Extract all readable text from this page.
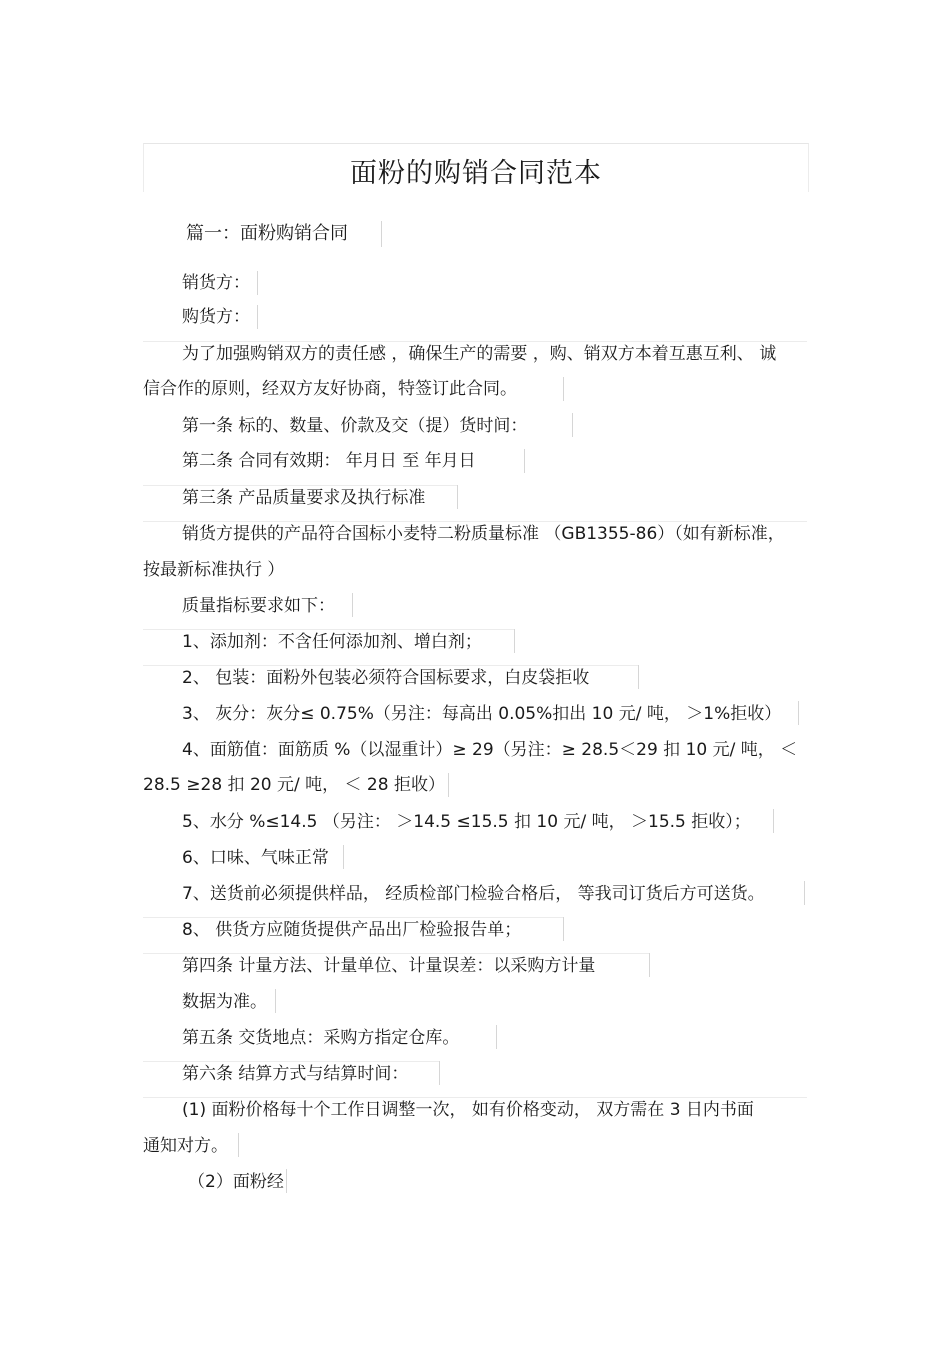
面粉的购销合同范本
篇一：面粉购销合同
销货方：
购货方：
为了加强购销双方的责任感 ，确保生产的需要 ，购、销双方本着互惠互利、 诚
信合作的原则，经双方友好协商，特签订此合同。
第一条 标的、数量、价款及交（提）货时间：
第二条 合同有效期： 年月日 至 年月日
第三条 产品质量要求及执行标准
销货方提供的产品符合国标小麦特二粉质量标准 （GB1355-86）（如有新标准，
按最新标准执行 ）
质量指标要求如下：
1、添加剂：不含任何添加剂、增白剂；
2、 包装：面粉外包装必须符合国标要求，白皮袋拒收
3、 灰分：灰分≤ 0.75%（另注：每高出 0.05%扣出 10 元/ 吨， ＞1%拒收）
4、面筋值：面筋质 %（以湿重计）≥ 29（另注：≥ 28.5＜29 扣 10 元/ 吨， ＜
28.5 ≥28 扣 20 元/ 吨， ＜ 28 拒收）
5、水分 %≤14.5 （另注： ＞14.5 ≤15.5 扣 10 元/ 吨， ＞15.5 拒收）；
6、口味、气味正常
7、送货前必须提供样品， 经质检部门检验合格后， 等我司订货后方可送货。
8、 供货方应随货提供产品出厂检验报告单；
第四条 计量方法、计量单位、计量误差：以采购方计量
数据为准。
第五条 交货地点：采购方指定仓库。
第六条 结算方式与结算时间：
(1) 面粉价格每十个工作日调整一次， 如有价格变动， 双方需在 3 日内书面
通知对方。
（2）面粉经
